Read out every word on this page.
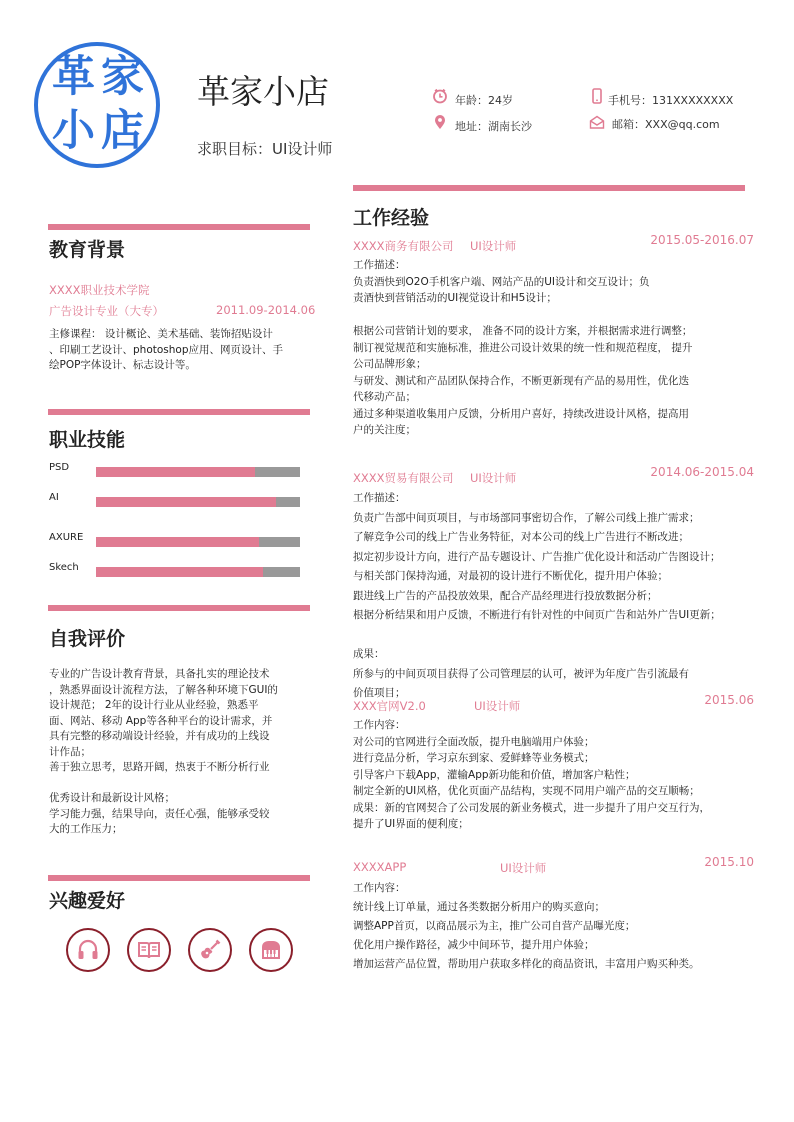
革 家
小 店
革家小店
求职目标：UI设计师
年龄：24岁	手机号：131XXXXXXXX
地址：湖南长沙	邮箱：XXX@qq.com
教育背景
XXXX职业技术学院
广告设计专业（大专）	2011.09-2014.06
主修课程： 设计概论、美术基础、装饰招贴设计
、印刷工艺设计、photoshop应用、网页设计、手
绘POP字体设计、标志设计等。
职业技能
PSD
AI
AXURE
Skech
自我评价
专业的广告设计教育背景，具备扎实的理论技术
，熟悉界面设计流程方法，了解各种环境下GUI的
设计规范； 2年的设计行业从业经验，熟悉平
面、网站、移动 App等各种平台的设计需求，并
具有完整的移动端设计经验，并有成功的上线设
计作品；
善于独立思考，思路开阔，热衷于不断分析行业

优秀设计和最新设计风格；
学习能力强，结果导向，责任心强，能够承受较
大的工作压力；
兴趣爱好
工作经验
XXXX商务有限公司 UI设计师	2015.05-2016.07
工作描述：
负责酒快到O2O手机客户端、网站产品的UI设计和交互设计；负
责酒快到营销活动的UI视觉设计和H5设计；

根据公司营销计划的要求， 准备不同的设计方案，并根据需求进行调整；
制订视觉规范和实施标准，推进公司设计效果的统一性和规范程度， 提升
公司品牌形象；
与研发、测试和产品团队保持合作，不断更新现有产品的易用性，优化迭
代移动产品；
通过多种渠道收集用户反馈，分析用户喜好，持续改进设计风格，提高用
户的关注度；
XXXX贸易有限公司 UI设计师	2014.06-2015.04
工作描述：
负责广告部中间页项目，与市场部同事密切合作，了解公司线上推广需求；
了解竞争公司的线上广告业务特征，对本公司的线上广告进行不断改进；
拟定初步设计方向，进行产品专题设计、广告推广优化设计和活动广告图设计；
与相关部门保持沟通，对最初的设计进行不断优化，提升用户体验；
跟进线上广告的产品投放效果，配合产品经理进行投放数据分析；
根据分析结果和用户反馈，不断进行有针对性的中间页广告和站外广告UI更新；

成果：
所参与的中间页项目获得了公司管理层的认可，被评为年度广告引流最有
价值项目；
XXX官网V2.0	UI设计师	2015.06
工作内容：
对公司的官网进行全面改版，提升电脑端用户体验；
进行竞品分析，学习京东到家、爱鲜蜂等业务模式；
引导客户下载App，灌输App新功能和价值，增加客户粘性；
制定全新的UI风格，优化页面产品结构，实现不同用户端产品的交互顺畅；
成果：新的官网契合了公司发展的新业务模式，进一步提升了用户交互行为，
提升了UI界面的便利度；
XXXXAPP	UI设计师	2015.10
工作内容：
统计线上订单量，通过各类数据分析用户的购买意向；
调整APP首页，以商品展示为主，推广公司自营产品曝光度；
优化用户操作路径，减少中间环节，提升用户体验；
增加运营产品位置，帮助用户获取多样化的商品资讯，丰富用户购买种类。
